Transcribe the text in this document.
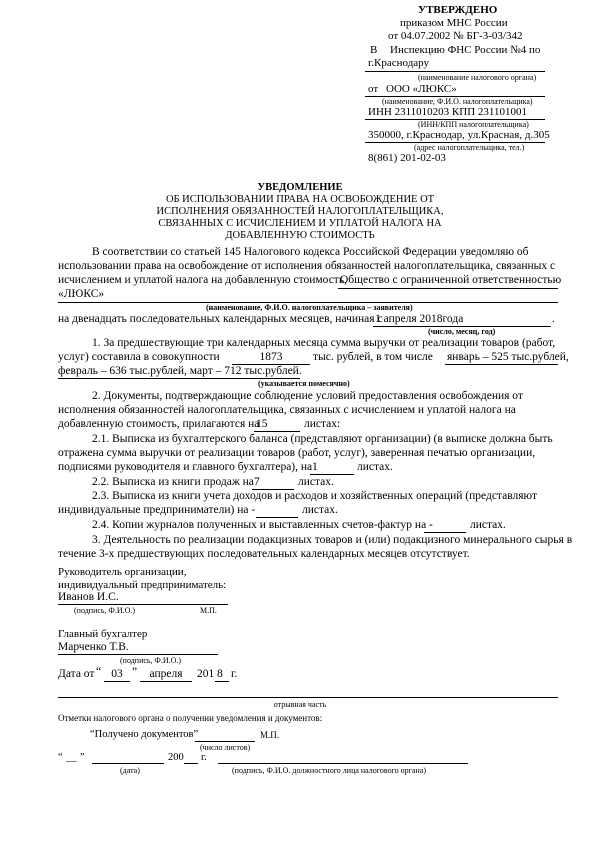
УТВЕРЖДЕНО
приказом МНС России
от 04.07.2002 № БГ-3-03/342
В Инспекцию ФНС России №4 по
г.Краснодару
(наименование налогового органа)
от ООО «ЛЮКС»
(наименование, Ф.И.О. налогоплательщика)
ИНН 2311010203 КПП 231101001
(ИНН/КПП налогоплательщика)
350000, г.Краснодар, ул.Красная, д.305
(адрес налогоплательщика, тел.)
8(861) 201-02-03
УВЕДОМЛЕНИЕ
ОБ ИСПОЛЬЗОВАНИИ ПРАВА НА ОСВОБОЖДЕНИЕ ОТ
ИСПОЛНЕНИЯ ОБЯЗАННОСТЕЙ НАЛОГОПЛАТЕЛЬЩИКА,
СВЯЗАННЫХ С ИСЧИСЛЕНИЕМ И УПЛАТОЙ НАЛОГА НА
ДОБАВЛЕННУЮ СТОИМОСТЬ
В соответствии со статьей 145 Налогового кодекса Российской Федерации уведомляю об
использовании права на освобождение от исполнения обязанностей налогоплательщика, связанных с
исчислением и уплатой налога на добавленную стоимость,
Общество с ограниченной ответственностью
«ЛЮКС»
(наименование, Ф.И.О. налогоплательщика – заявителя)
на двенадцать последовательных календарных месяцев, начиная с
1 апреля 2018года	.
(число, месяц, год)
1. За предшествующие три календарных месяца сумма выручки от реализации товаров (работ,
услуг) составила в совокупности	1873	тыс. рублей, в том числе январь – 525 тыс.рублей,
февраль – 636 тыс.рублей, март – 712 тыс.рублей.
(указывается помесячно)
2. Документы, подтверждающие соблюдение условий предоставления освобождения от
исполнения обязанностей налогоплательщика, связанных с исчислением и уплатой налога на
добавленную стоимость, прилагаются на
15	листах:
2.1. Выписка из бухгалтерского баланса (представляют организации) (в выписке должна быть
отражена сумма выручки от реализации товаров (работ, услуг), заверенная печатью организации,
подписями руководителя и главного бухгалтера), на 1	листах.
2.2. Выписка из книги продаж на 7	листах.
2.3. Выписка из книги учета доходов и расходов и хозяйственных операций (представляют
индивидуальные предприниматели) на -	листах.
2.4. Копии журналов полученных и выставленных счетов-фактур на -	листах.
3. Деятельность по реализации подакцизных товаров и (или) подакцизного минерального сырья в
течение 3-х предшествующих последовательных календарных месяцев отсутствует.
Руководитель организации,
индивидуальный предприниматель:
Иванов И.С.
(подпись, Ф.И.О.)	М.П.
Главный бухгалтер
Марченко Т.В.
(подпись, Ф.И.О.)
Дата от “ 03 ”	апреля	201 8 г.
отрывная часть
Отметки налогового органа о получении уведомления и документов:
“Получено документов”	М.П.
(число листов)
“ __ ”	200 г.
(дата)	(подпись, Ф.И.О. должностного лица налогового органа)
